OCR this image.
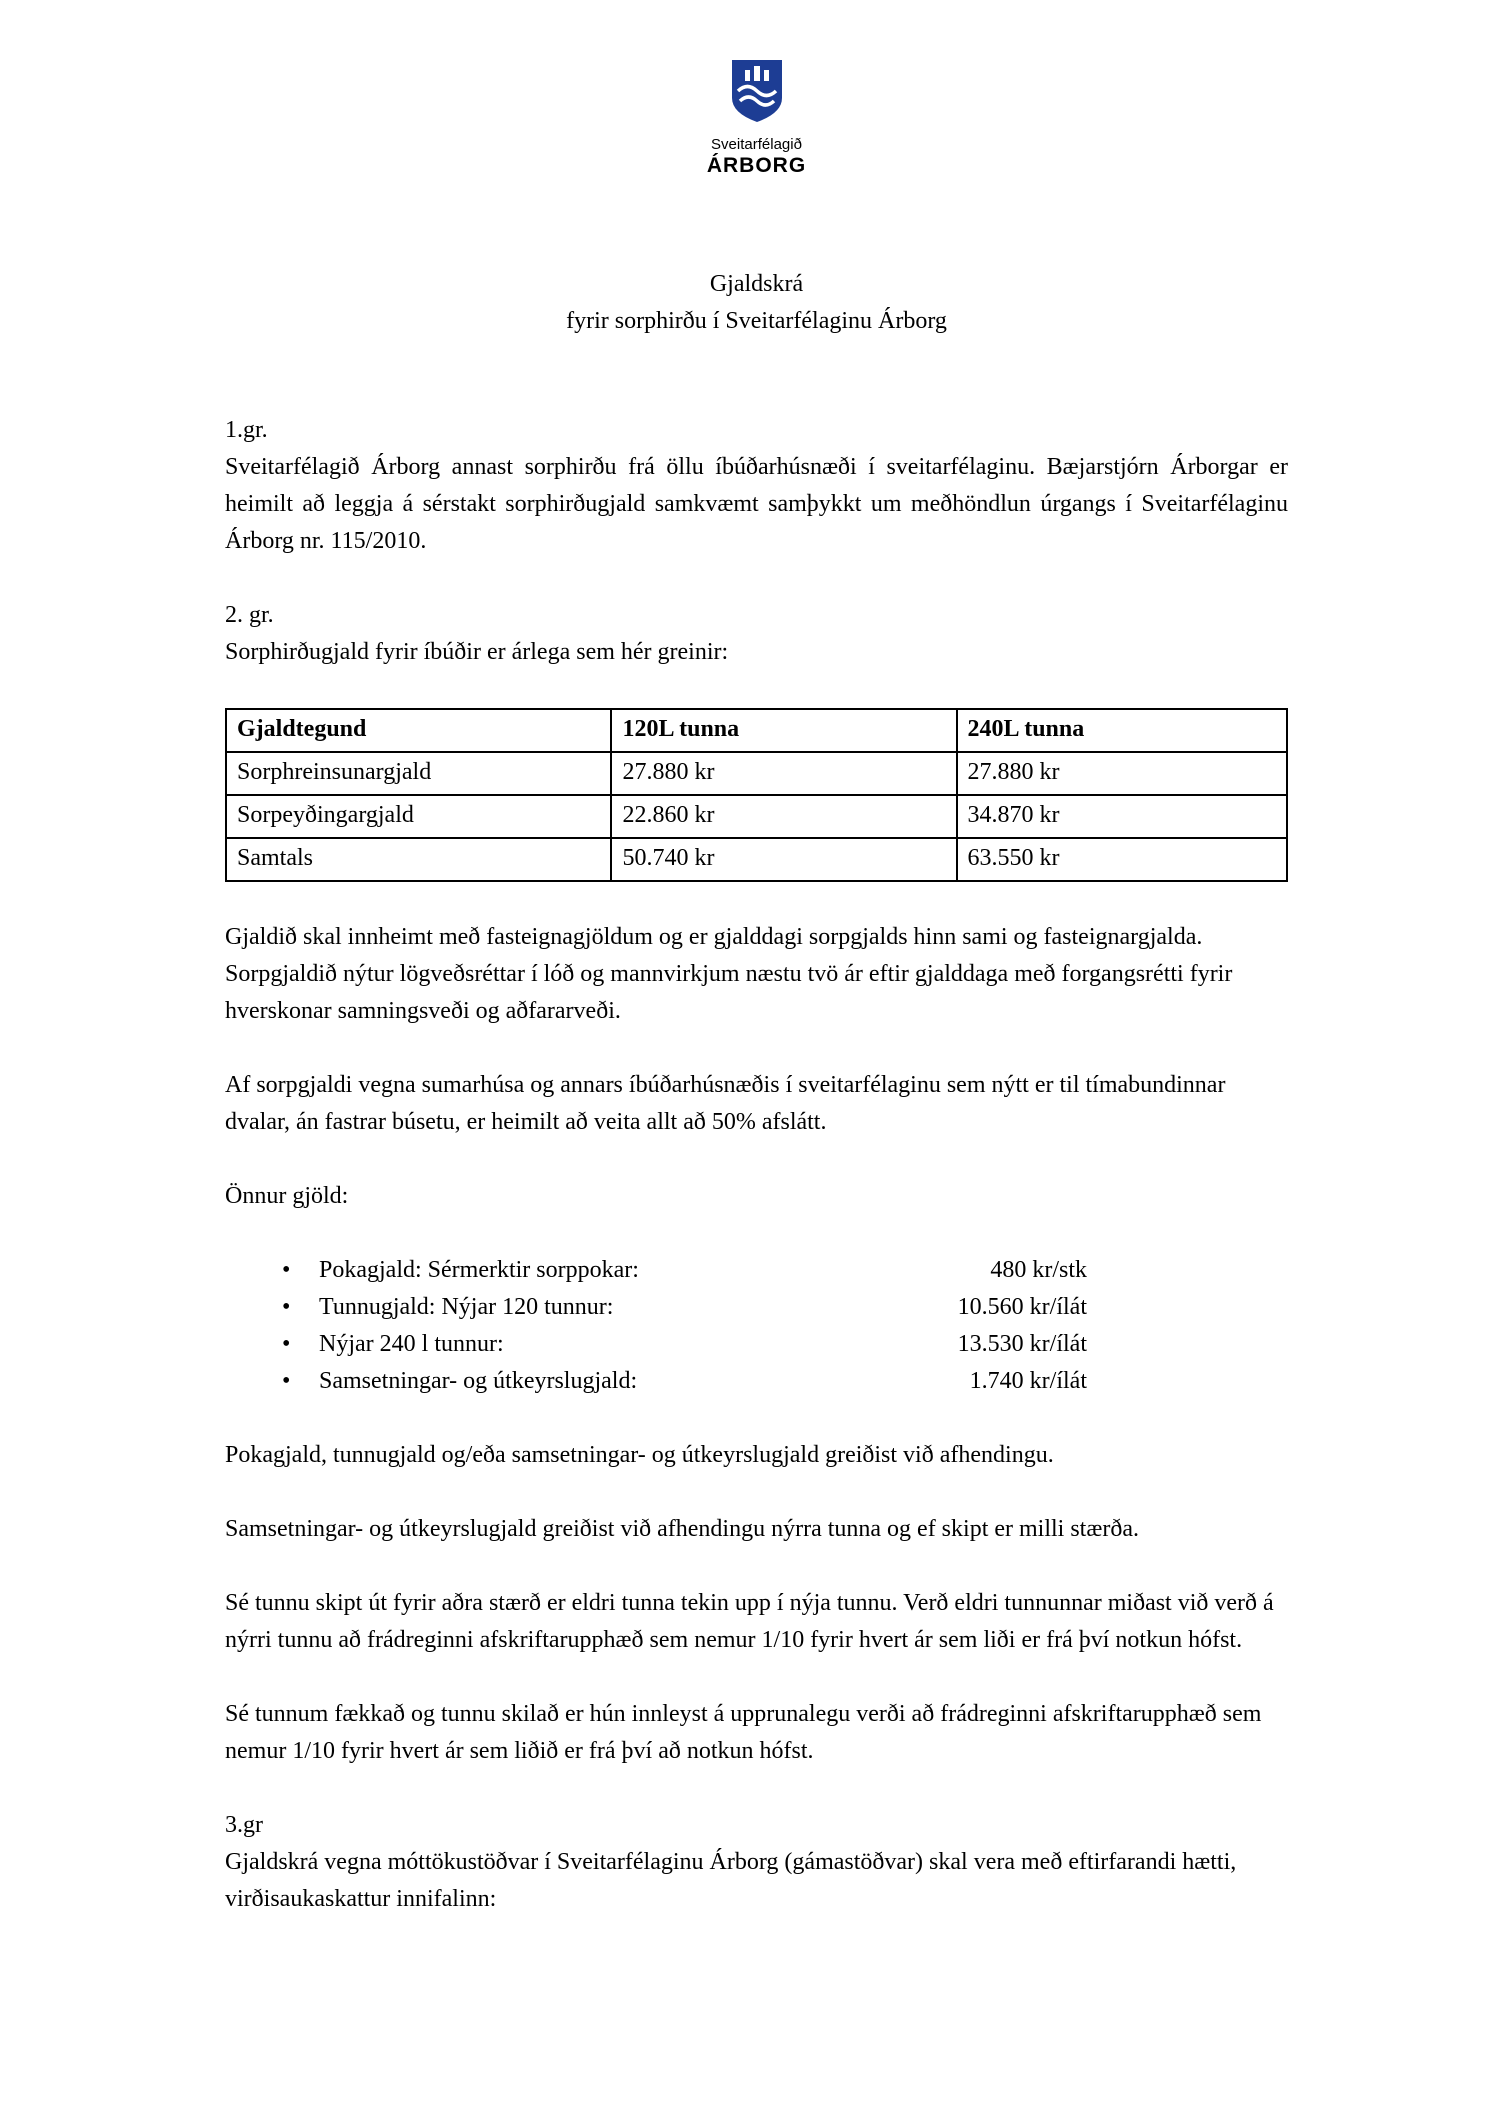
Sveitarfélagið
ÁRBORG
Gjaldskrá
fyrir sorphirðu í Sveitarfélaginu Árborg
1.gr.
Sveitarfélagið Árborg annast sorphirðu frá öllu íbúðarhúsnæði í sveitarfélaginu. Bæjarstjórn Árborgar er heimilt að leggja á sérstakt sorphirðugjald samkvæmt samþykkt um meðhöndlun úrgangs í Sveitarfélaginu Árborg nr. 115/2010.
2. gr.
Sorphirðugjald fyrir íbúðir er árlega sem hér greinir:
Gjaldtegund	120L tunna	240L tunna
Sorphreinsunargjald	27.880 kr	27.880 kr
Sorpeyðingargjald	22.860 kr	34.870 kr
Samtals	50.740 kr	63.550 kr
Gjaldið skal innheimt með fasteignagjöldum og er gjalddagi sorpgjalds hinn sami og fasteignargjalda. Sorpgjaldið nýtur lögveðsréttar í lóð og mannvirkjum næstu tvö ár eftir gjalddaga með forgangsrétti fyrir hverskonar samningsveði og aðfararveði.
Af sorpgjaldi vegna sumarhúsa og annars íbúðarhúsnæðis í sveitarfélaginu sem nýtt er til tímabundinnar dvalar, án fastrar búsetu, er heimilt að veita allt að 50% afslátt.
Önnur gjöld:
•	Pokagjald: Sérmerktir sorppokar:	480 kr/stk
•	Tunnugjald: Nýjar 120 tunnur:	10.560 kr/ílát
•	Nýjar 240 l tunnur:	13.530 kr/ílát
•	Samsetningar- og útkeyrslugjald:	1.740 kr/ílát
Pokagjald, tunnugjald og/eða samsetningar- og útkeyrslugjald greiðist við afhendingu.
Samsetningar- og útkeyrslugjald greiðist við afhendingu nýrra tunna og ef skipt er milli stærða.
Sé tunnu skipt út fyrir aðra stærð er eldri tunna tekin upp í nýja tunnu. Verð eldri tunnunnar miðast við verð á nýrri tunnu að frádreginni afskriftarupphæð sem nemur 1/10 fyrir hvert ár sem liði er frá því notkun hófst.
Sé tunnum fækkað og tunnu skilað er hún innleyst á upprunalegu verði að frádreginni afskriftarupphæð sem nemur 1/10 fyrir hvert ár sem liðið er frá því að notkun hófst.
3.gr
Gjaldskrá vegna móttökustöðvar í Sveitarfélaginu Árborg (gámastöðvar) skal vera með eftirfarandi hætti, virðisaukaskattur innifalinn:
